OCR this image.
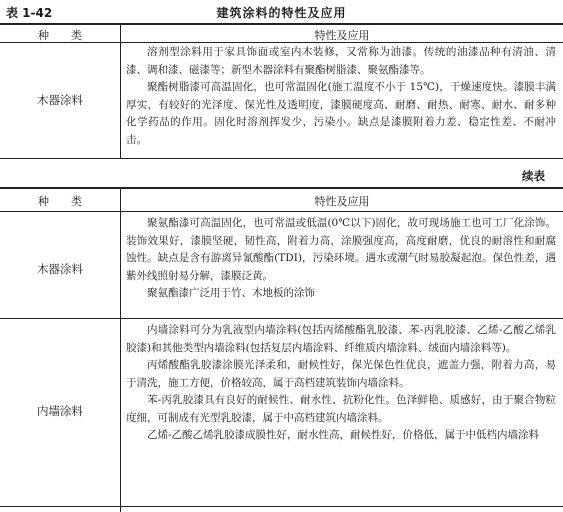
表 1-42	建筑涂料的特性及应用
种　　类	特性及应用
木器涂料

溶剂型涂料用于家具饰面或室内木装修，又常称为油漆。传统的油漆品种有清油、清漆、调和漆、磁漆等；新型木器涂料有聚酯树脂漆、聚氨酯漆等。

聚酯树脂漆可高温固化，也可常温固化(施工温度不小于 15℃)，干燥速度快。漆膜丰满厚实，有较好的光泽度、保光性及透明度，漆膜硬度高、耐磨、耐热、耐寒、耐水、耐多种化学药品的作用。固化时溶剂挥发少，污染小。缺点是漆膜附着力差、稳定性差、不耐冲击。

续表
种　　类	特性及应用
木器涂料

聚氨酯漆可高温固化，也可常温或低温(0℃以下)固化，故可现场施工也可工厂化涂饰。装饰效果好，漆膜坚硬，韧性高，附着力高，涂膜强度高，高度耐磨，优良的耐溶性和耐腐蚀性。缺点是含有游离异氰酸酯(TDI)，污染环境。遇水或潮气时易胶凝起泡。保色性差，遇紫外线照射易分解，漆膜泛黄。

聚氨酯漆广泛用于竹、木地板的涂饰

内墙涂料

内墙涂料可分为乳液型内墙涂料(包括丙烯酸酯乳胶漆、苯-丙乳胶漆、乙烯-乙酸乙烯乳胶漆)和其他类型内墙涂料(包括复层内墙涂料、纤维质内墙涂料、绒面内墙涂料等)。

丙烯酸酯乳胶漆涂膜光泽柔和，耐候性好，保光保色性优良，遮盖力强，附着力高，易于清洗，施工方便，价格较高，属于高档建筑装饰内墙涂料。

苯-丙乳胶漆具有良好的耐候性、耐水性、抗粉化性。色泽鲜艳、质感好，由于聚合物粒度细，可制成有光型乳胶漆，属于中高档建筑内墙涂料。

乙烯-乙酸乙烯乳胶漆成膜性好，耐水性高，耐候性好，价格低，属于中低档内墙涂料
